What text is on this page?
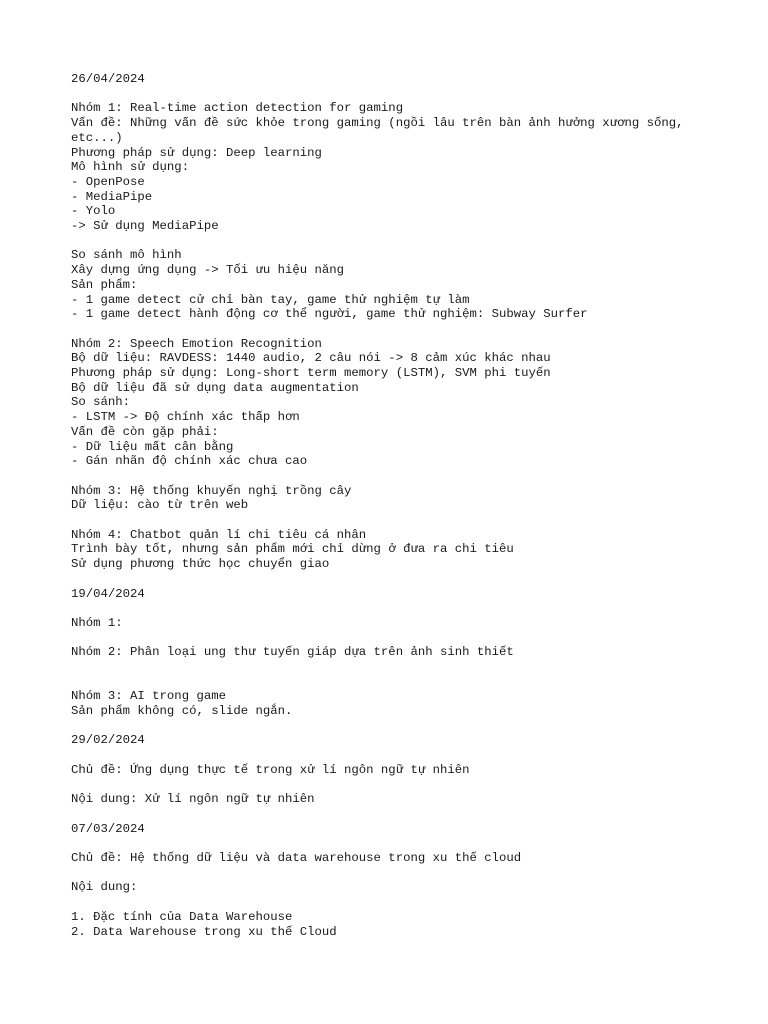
26/04/2024
Nhóm 1: Real-time action detection for gaming
Vấn đề: Những vấn đề sức khỏe trong gaming (ngồi lâu trên bàn ảnh hưởng xương sống,
etc...)
Phương pháp sử dụng: Deep learning
Mô hình sử dụng:
- OpenPose
- MediaPipe
- Yolo
-> Sử dụng MediaPipe
So sánh mô hình
Xây dựng ứng dụng -> Tối ưu hiệu năng
Sản phẩm:
- 1 game detect cử chỉ bàn tay, game thử nghiệm tự làm
- 1 game detect hành động cơ thể người, game thử nghiệm: Subway Surfer
Nhóm 2: Speech Emotion Recognition
Bộ dữ liệu: RAVDESS: 1440 audio, 2 câu nói -> 8 cảm xúc khác nhau
Phương pháp sử dụng: Long-short term memory (LSTM), SVM phi tuyến
Bộ dữ liệu đã sử dụng data augmentation
So sánh:
- LSTM -> Độ chính xác thấp hơn
Vấn đề còn gặp phải:
- Dữ liệu mất cân bằng
- Gán nhãn độ chính xác chưa cao
Nhóm 3: Hệ thống khuyến nghị trồng cây
Dữ liệu: cào từ trên web
Nhóm 4: Chatbot quản lí chi tiêu cá nhân
Trình bày tốt, nhưng sản phẩm mới chỉ dừng ở đưa ra chi tiêu
Sử dụng phương thức học chuyển giao
19/04/2024
Nhóm 1:
Nhóm 2: Phân loại ung thư tuyến giáp dựa trên ảnh sinh thiết
Nhóm 3: AI trong game
Sản phẩm không có, slide ngắn.
29/02/2024
Chủ đề: Ứng dụng thực tế trong xử lí ngôn ngữ tự nhiên
Nội dung: Xử lí ngôn ngữ tự nhiên
07/03/2024
Chủ đề: Hệ thống dữ liệu và data warehouse trong xu thế cloud
Nội dung:
1. Đặc tính của Data Warehouse
2. Data Warehouse trong xu thế Cloud
